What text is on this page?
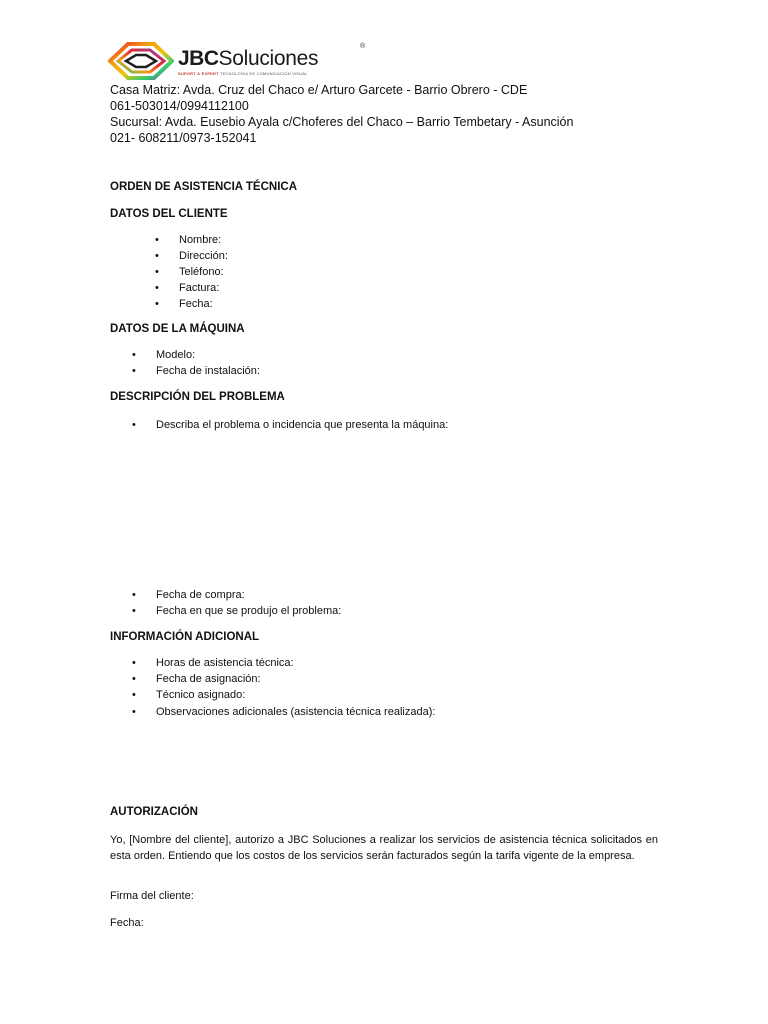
JBCSoluciones
®
SUPORT & EXPERT TECNOLOGIA DE COMUNICACION VISUAL
Casa Matriz: Avda. Cruz del Chaco e/ Arturo Garcete - Barrio Obrero - CDE
061-503014/0994112100
Sucursal: Avda. Eusebio Ayala c/Choferes del Chaco – Barrio Tembetary - Asunción
021- 608211/0973-152041
ORDEN DE ASISTENCIA TÉCNICA
DATOS DEL CLIENTE
• Nombre:
• Dirección:
• Teléfono:
• Factura:
• Fecha:
DATOS DE LA MÁQUINA
• Modelo:
• Fecha de instalación:
DESCRIPCIÓN DEL PROBLEMA
• Describa el problema o incidencia que presenta la máquina:
• Fecha de compra:
• Fecha en que se produjo el problema:
INFORMACIÓN ADICIONAL
• Horas de asistencia técnica:
• Fecha de asignación:
• Técnico asignado:
• Observaciones adicionales (asistencia técnica realizada):
AUTORIZACIÓN
Yo, [Nombre del cliente], autorizo a JBC Soluciones a realizar los servicios de asistencia técnica solicitados en esta orden. Entiendo que los costos de los servicios serán facturados según la tarifa vigente de la empresa.
Firma del cliente:
Fecha:
